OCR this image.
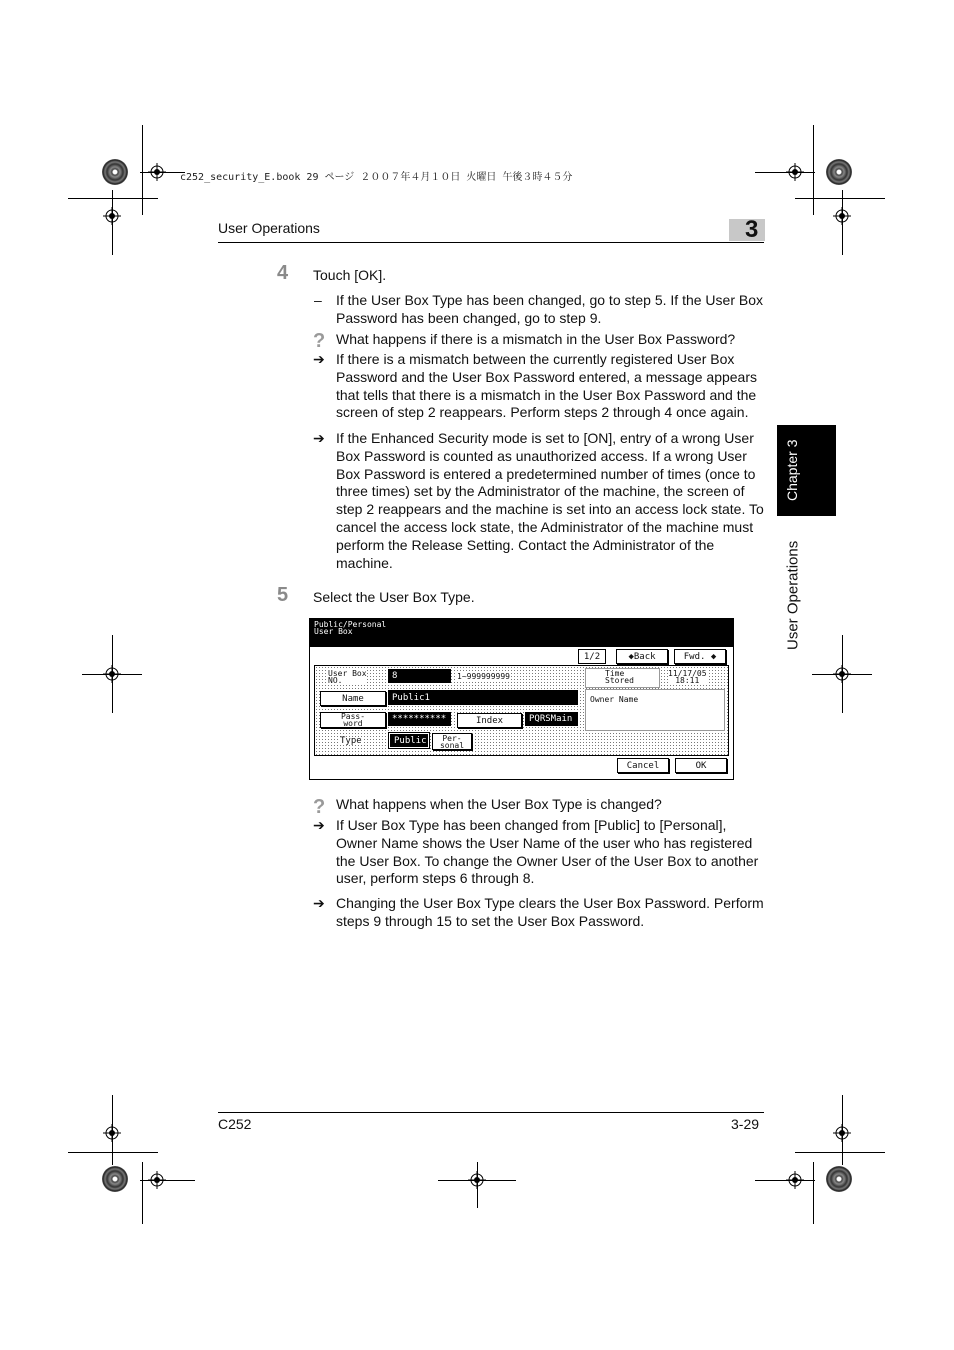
c252_security_E.book 29 ページ ２００７年４月１０日 火曜日 午後３時４５分
User Operations	3
Chapter 3
User Operations
4 Touch [OK].
– If the User Box Type has been changed, go to step 5. If the User Box Password has been changed, go to step 9.
? What happens if there is a mismatch in the User Box Password?
➔ If there is a mismatch between the currently registered User Box Password and the User Box Password entered, a message appears that tells that there is a mismatch in the User Box Password and the screen of step 2 reappears. Perform steps 2 through 4 once again.
➔ If the Enhanced Security mode is set to [ON], entry of a wrong User Box Password is counted as unauthorized access. If a wrong User Box Password is entered a predetermined number of times (once to three times) set by the Administrator of the machine, the screen of step 2 reappears and the machine is set into an access lock state. To cancel the access lock state, the Administrator of the machine must perform the Release Setting. Contact the Administrator of the machine.
5 Select the User Box Type.
Public/Personal
User Box
1/2	◆ Back	Fwd. ◆
User Box
NO.	8	1~999999999	Time
Stored
11/17/05
18:11
Name	Public1	Owner Name
Pass-
word	**********	Index	PQRSMain
Type	Public	Per-
sonal
Cancel	OK
? What happens when the User Box Type is changed?
➔ If User Box Type has been changed from [Public] to [Personal], Owner Name shows the User Name of the user who has registered the User Box. To change the Owner User of the User Box to another user, perform steps 6 through 8.
➔ Changing the User Box Type clears the User Box Password. Perform steps 9 through 15 to set the User Box Password.
C252	3-29
